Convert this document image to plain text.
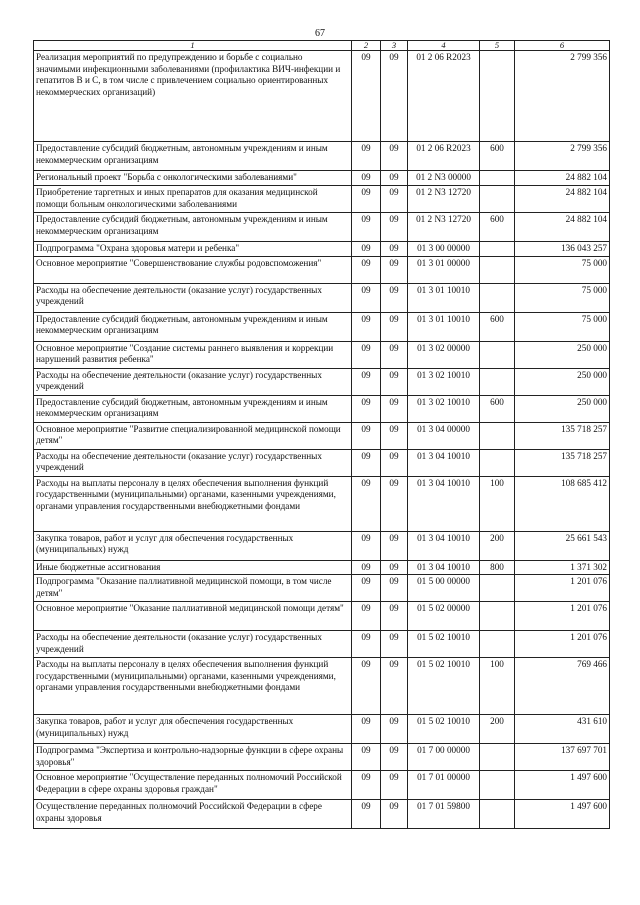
67
1	2	3	4	5	6
Реализация мероприятий по предупреждению и борьбе с социально значимыми инфекционными заболеваниями (профилактика ВИЧ-инфекции и гепатитов В и С, в том числе с привлечением социально ориентированных некоммерческих организаций)	09	09	01 2 06 R2023		2 799 356
Предоставление субсидий бюджетным, автономным учреждениям и иным некоммерческим организациям	09	09	01 2 06 R2023	600	2 799 356
Региональный проект "Борьба с онкологическими заболеваниями"	09	09	01 2 N3 00000		24 882 104
Приобретение таргетных и иных препаратов для оказания медицинской помощи больным онкологическими заболеваниями	09	09	01 2 N3 12720		24 882 104
Предоставление субсидий бюджетным, автономным учреждениям и иным некоммерческим организациям	09	09	01 2 N3 12720	600	24 882 104
Подпрограмма "Охрана здоровья матери и ребенка"	09	09	01 3 00 00000		136 043 257
Основное мероприятие "Совершенствование службы родовспоможения"	09	09	01 3 01 00000		75 000
Расходы на обеспечение деятельности (оказание услуг) государственных учреждений	09	09	01 3 01 10010		75 000
Предоставление субсидий бюджетным, автономным учреждениям и иным некоммерческим организациям	09	09	01 3 01 10010	600	75 000
Основное мероприятие "Создание системы раннего выявления и коррекции нарушений развития ребенка"	09	09	01 3 02 00000		250 000
Расходы на обеспечение деятельности (оказание услуг) государственных учреждений	09	09	01 3 02 10010		250 000
Предоставление субсидий бюджетным, автономным учреждениям и иным некоммерческим организациям	09	09	01 3 02 10010	600	250 000
Основное мероприятие "Развитие специализированной медицинской помощи детям"	09	09	01 3 04 00000		135 718 257
Расходы на обеспечение деятельности (оказание услуг) государственных учреждений	09	09	01 3 04 10010		135 718 257
Расходы на выплаты персоналу в целях обеспечения выполнения функций государственными (муниципальными) органами, казенными учреждениями, органами управления государственными внебюджетными фондами	09	09	01 3 04 10010	100	108 685 412
Закупка товаров, работ и услуг для обеспечения государственных (муниципальных) нужд	09	09	01 3 04 10010	200	25 661 543
Иные бюджетные ассигнования	09	09	01 3 04 10010	800	1 371 302
Подпрограмма "Оказание паллиативной медицинской помощи, в том числе детям"	09	09	01 5 00 00000		1 201 076
Основное мероприятие "Оказание паллиативной медицинской помощи детям"	09	09	01 5 02 00000		1 201 076
Расходы на обеспечение деятельности (оказание услуг) государственных учреждений	09	09	01 5 02 10010		1 201 076
Расходы на выплаты персоналу в целях обеспечения выполнения функций государственными (муниципальными) органами, казенными учреждениями, органами управления государственными внебюджетными фондами	09	09	01 5 02 10010	100	769 466
Закупка товаров, работ и услуг для обеспечения государственных (муниципальных) нужд	09	09	01 5 02 10010	200	431 610
Подпрограмма "Экспертиза и контрольно-надзорные функции в сфере охраны здоровья"	09	09	01 7 00 00000		137 697 701
Основное мероприятие "Осуществление переданных полномочий Российской Федерации в сфере охраны здоровья граждан"	09	09	01 7 01 00000		1 497 600
Осуществление переданных полномочий Российской Федерации в сфере охраны здоровья	09	09	01 7 01 59800		1 497 600
